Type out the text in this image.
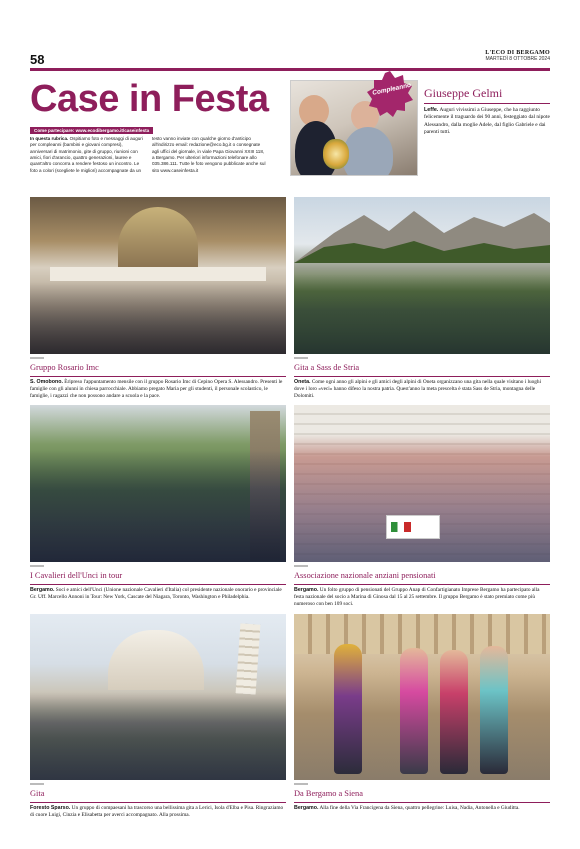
58	L'ECO DI BERGAMO
MARTEDÌ 8 OTTOBRE 2024
Case in Festa
Come partecipare: www.ecodibergamo.it/caseinfesta
In questa rubrica. Ospitiamo foto e messaggi di auguri per compleanni (bambini e giovani compresi), anniversari di matrimonio, gite di gruppo, riunioni con amici, fiori d'arancio, quattro generazioni, lauree e quant'altro concorra a rendere festoso un incontro. Le foto a colori (scegliete le migliori) accompagnate da un testo vanno inviate con qualche giorno d'anticipo all'indirizzo email: redazione@eco.bg.it o consegnate agli uffici del giornale, in viale Papa Giovanni XXIII 118, a Bergamo. Per ulteriori informazioni telefonare allo 035.386.111. Tutte le foto vengono pubblicate anche sul sito www.caseinfesta.it
Compleanno Giuseppe Gelmi
Leffe. Auguri vivissimi a Giuseppe, che ha raggiunto felicemente il traguardo dei 90 anni, festeggiato dal nipote Alessandro, dalla moglie Adele, dal figlio Gabriele e dai parenti tutti.
Gruppo Rosario Imc
S. Omobono. Èripreso l'appuntamento mensile con il gruppo Rosario Imc di Cepino Opera S. Alessandro. Presenti le famiglie con gli alunni in chiesa parrocchiale. Abbiamo pregato Maria per gli studenti, il personale scolastico, le famiglie, i ragazzi che non possono andare a scuola e la pace.
Gita a Sass de Stria
Oneta. Come ogni anno gli alpini e gli amici degli alpini di Oneta organizzano una gita nella quale visitano i luoghi dove i loro «veci» hanno difeso la nostra patria. Quest'anno la meta prescelta è stata Sass de Stria, montagna delle Dolomiti.
I Cavalieri dell'Unci in tour
Bergamo. Soci e amici dell'Unci (Unione nazionale Cavalieri d'Italia) col presidente nazionale onorario e provinciale Gr. Uff. Marcello Annoni in Tour: New York, Cascate del Niagara, Toronto, Washington e Philadelphia.
Associazione nazionale anziani pensionati
Bergamo. Un folto gruppo di pensionati del Gruppo Anap di Confartigianato Imprese Bergamo ha partecipato alla festa nazionale del socio a Marina di Ginosa dal 15 al 25 settembre. Il gruppo Bergamo è stato premiato come più numeroso con ben 109 soci.
Gita
Foresto Sparso. Un gruppo di compaesani ha trascorso una bellissima gita a Lerici, Isola d'Elba e Pisa. Ringraziamo di cuore Luigi, Cinzia e Elisabetta per averci accompagnato. Alla prossima.
Da Bergamo a Siena
Bergamo. Alla fine della Via Francigena da Siena, quattro pellegrine: Luisa, Nadia, Antonella e Giuditta.
